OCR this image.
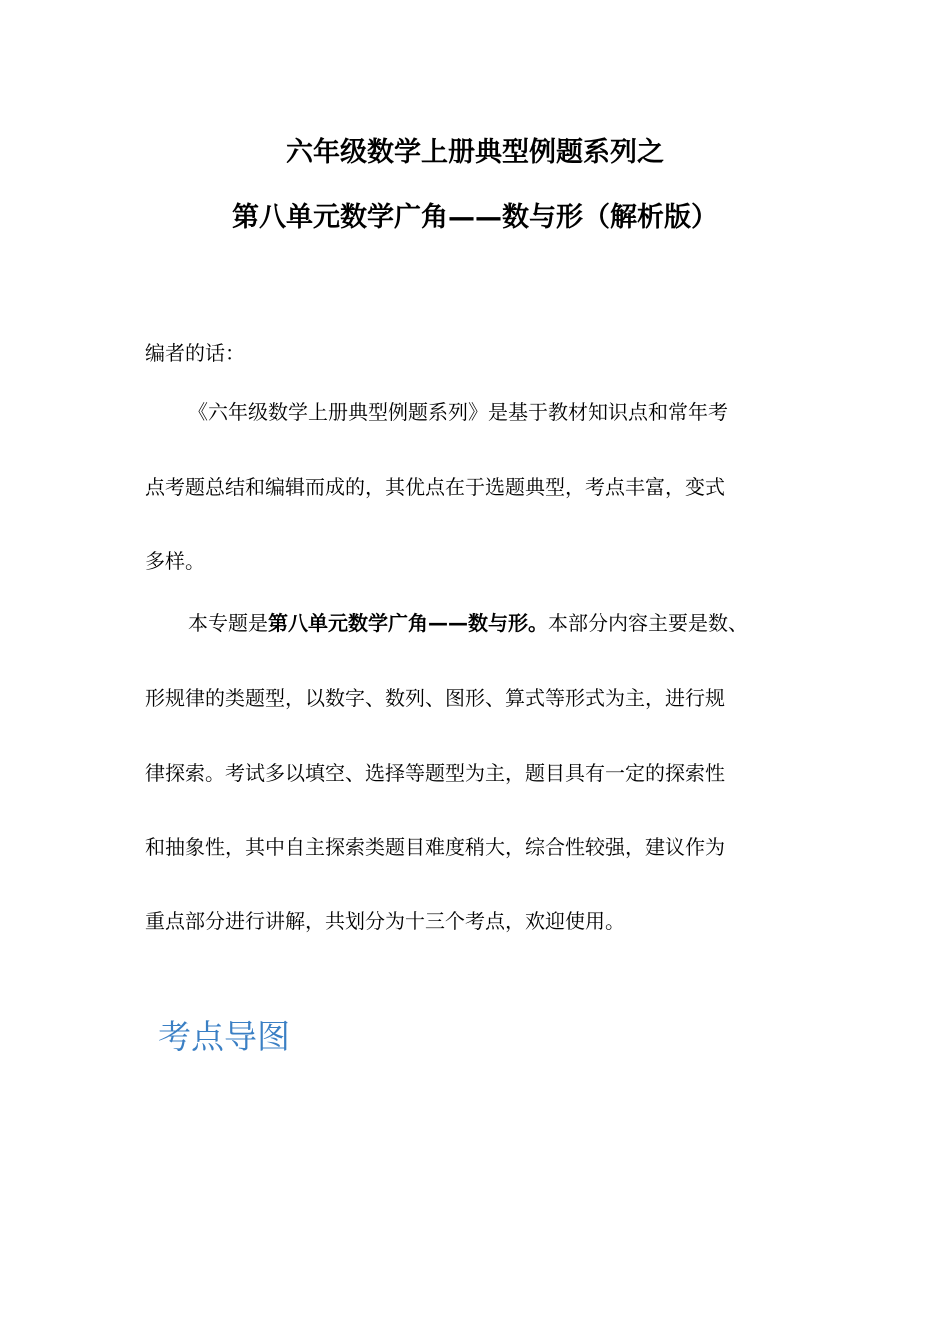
六年级数学上册典型例题系列之
第八单元数学广角——数与形（解析版）
编者的话：
《六年级数学上册典型例题系列》是基于教材知识点和常年考
点考题总结和编辑而成的，其优点在于选题典型，考点丰富，变式
多样。
本专题是第八单元数学广角——数与形。本部分内容主要是数、
形规律的类题型，以数字、数列、图形、算式等形式为主，进行规
律探索。考试多以填空、选择等题型为主，题目具有一定的探索性
和抽象性，其中自主探索类题目难度稍大，综合性较强，建议作为
重点部分进行讲解，共划分为十三个考点，欢迎使用。
考点导图
